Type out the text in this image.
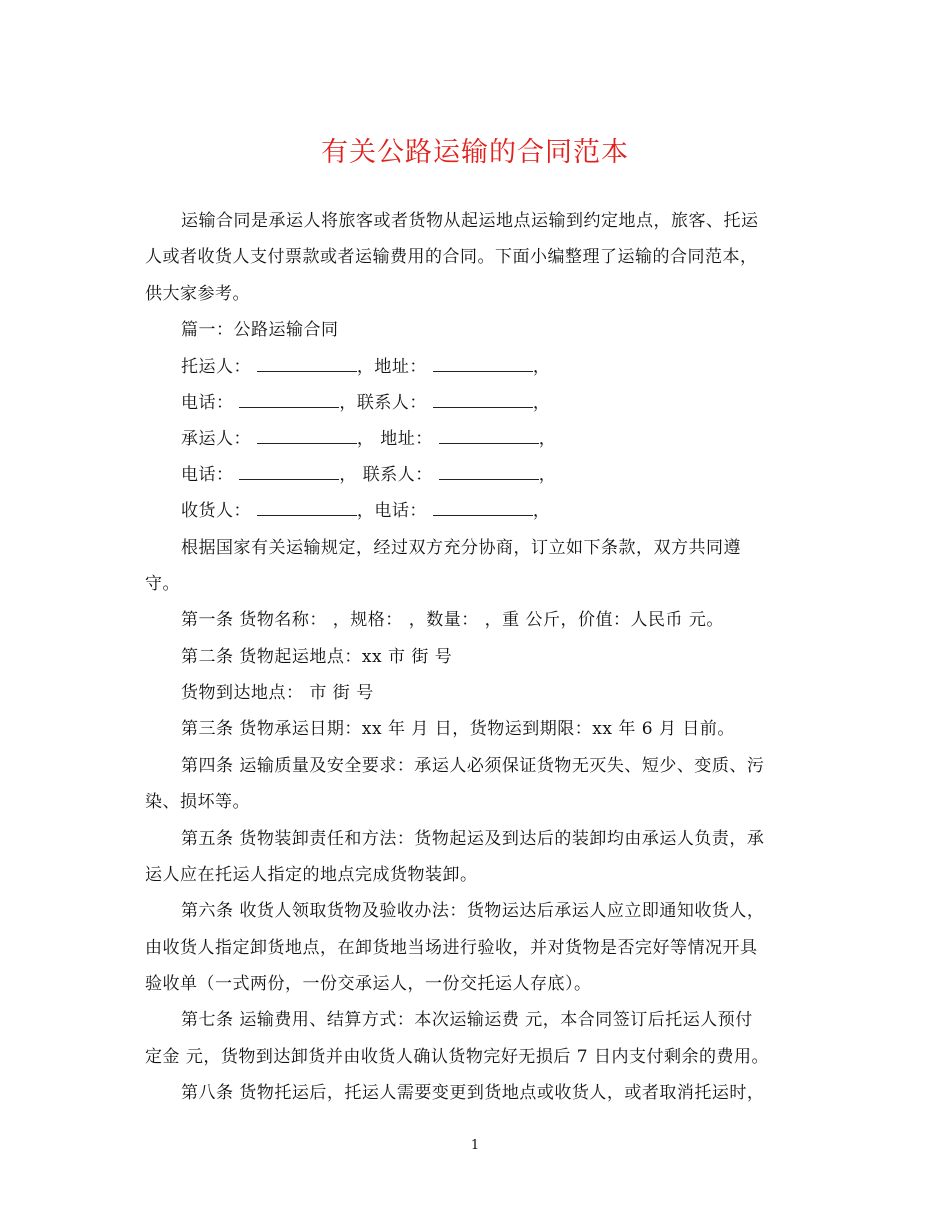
有关公路运输的合同范本
运输合同是承运人将旅客或者货物从起运地点运输到约定地点，旅客、托运
人或者收货人支付票款或者运输费用的合同。下面小编整理了运输的合同范本，
供大家参考。
篇一：公路运输合同
托运人：	，地址：	，
电话：	，联系人：	，
承运人：	， 地址：	，
电话：	， 联系人：	，
收货人：	，电话：	，
根据国家有关运输规定，经过双方充分协商，订立如下条款，双方共同遵
守。
第一条 货物名称： ，规格： ，数量： ，重 公斤，价值：人民币 元。
第二条 货物起运地点：xx 市 街 号
货物到达地点： 市 街 号
第三条 货物承运日期：xx 年 月 日，货物运到期限：xx 年 6 月 日前。
第四条 运输质量及安全要求：承运人必须保证货物无灭失、短少、变质、污
染、损坏等。
第五条 货物装卸责任和方法：货物起运及到达后的装卸均由承运人负责，承
运人应在托运人指定的地点完成货物装卸。
第六条 收货人领取货物及验收办法：货物运达后承运人应立即通知收货人，
由收货人指定卸货地点，在卸货地当场进行验收，并对货物是否完好等情况开具
验收单（一式两份，一份交承运人，一份交托运人存底）。
第七条 运输费用、结算方式：本次运输运费 元，本合同签订后托运人预付
定金 元，货物到达卸货并由收货人确认货物完好无损后 7 日内支付剩余的费用。
第八条 货物托运后，托运人需要变更到货地点或收货人，或者取消托运时，
1
